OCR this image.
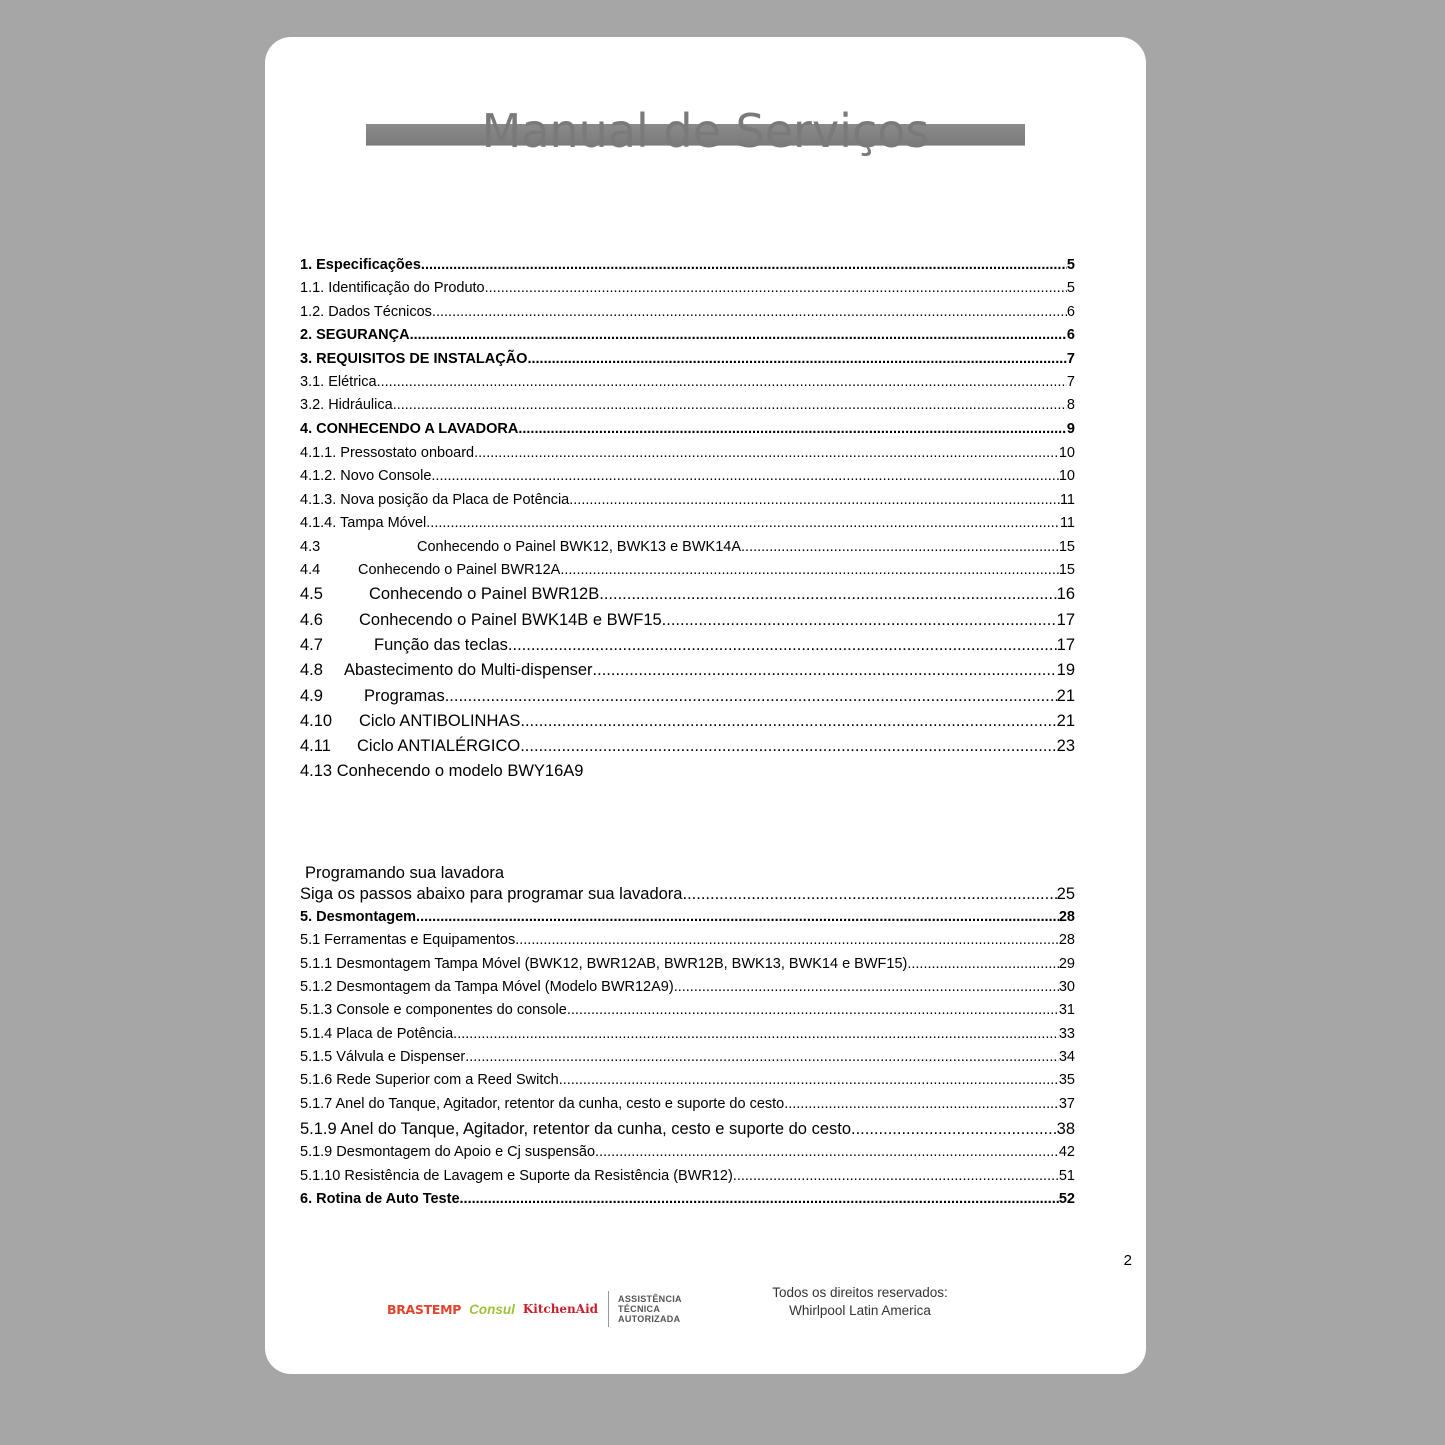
Manual de Serviços
1. Especificações .....	5
1.1. Identificação do Produto .....	5
1.2. Dados Técnicos .....	6
2. SEGURANÇA .....	6
3. REQUISITOS DE INSTALAÇÃO .....	7
3.1. Elétrica .....	7
3.2. Hidráulica .....	8
4. CONHECENDO A LAVADORA .....	9
4.1.1. Pressostato onboard .....	10
4.1.2. Novo Console .....	10
4.1.3. Nova posição da Placa de Potência .....	11
4.1.4. Tampa Móvel .....	11
4.3	Conhecendo o Painel BWK12, BWK13 e BWK14A .....	15
4.4	Conhecendo o Painel BWR12A .....	15
4.5	Conhecendo o Painel BWR12B .....	16
4.6 Conhecendo o Painel BWK14B e BWF15 .....	17
4.7	Função das teclas .....	17
4.8 Abastecimento do Multi-dispenser .....	19
4.9 Programas .....	21
4.10 Ciclo ANTIBOLINHAS .....	21
4.11 Ciclo ANTIALÉRGICO .....	23
4.13 Conhecendo o modelo BWY16A9
Programando sua lavadora
Siga os passos abaixo para programar sua lavadora .....	25
5. Desmontagem .....	28
5.1 Ferramentas e Equipamentos .....	28
5.1.1 Desmontagem Tampa Móvel (BWK12, BWR12AB, BWR12B, BWK13, BWK14 e BWF15) .....	29
5.1.2 Desmontagem da Tampa Móvel (Modelo BWR12A9) .....	30
5.1.3 Console e componentes do console .....	31
5.1.4 Placa de Potência .....	33
5.1.5 Válvula e Dispenser .....	34
5.1.6 Rede Superior com a Reed Switch .....	35
5.1.7 Anel do Tanque, Agitador, retentor da cunha, cesto e suporte do cesto .....	37
5.1.9 Anel do Tanque, Agitador, retentor da cunha, cesto e suporte do cesto .....	38
5.1.9 Desmontagem do Apoio e Cj suspensão .....	42
5.1.10 Resistência de Lavagem e Suporte da Resistência (BWR12) .....	51
6. Rotina de Auto Teste .....	52
2
BRASTEMP Consul KitchenAid
ASSISTÊNCIA
TÉCNICA
AUTORIZADA
Todos os direitos reservados:
Whirlpool Latin America
